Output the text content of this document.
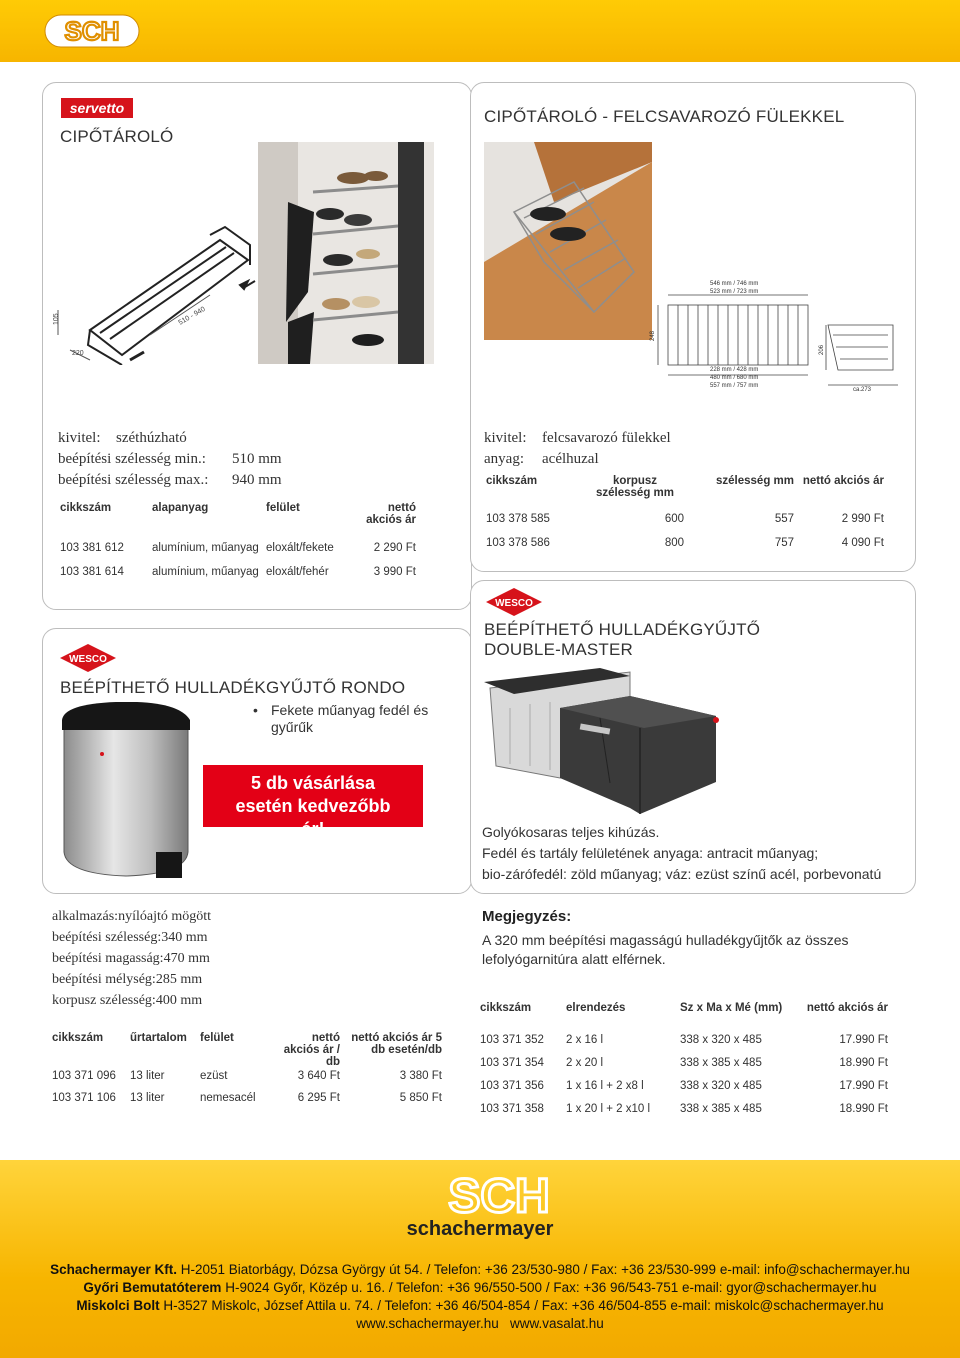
SCH
servetto
CIPŐTÁROLÓ
105
220
510 - 940
kivitel: széthúzható
beépítési szélesség min.: 510 mm
beépítési szélesség max.: 940 mm
cikkszám	alapanyag	felület	nettó akciós ár
103 381 612	alumínium, műanyag	eloxált/fekete	2 290 Ft
103 381 614	alumínium, műanyag	eloxált/fehér	3 990 Ft
CIPŐTÁROLÓ - FELCSAVAROZÓ FÜLEKKEL
546 mm / 746 mm
523 mm / 723 mm
228 mm / 428 mm
480 mm / 680 mm
557 mm / 757 mm
ca.273
248
206
kivitel: felcsavarozó fülekkel
anyag: acélhuzal
cikkszám	korpusz szélesség mm	szélesség mm	nettó akciós ár
103 378 585	600	557	2 990 Ft
103 378 586	800	757	4 090 Ft
WESCO
BEÉPÍTHETŐ HULLADÉKGYŰJTŐ RONDO
• Fekete műanyag fedél és gyűrűk
5 db vásárlása esetén kedvezőbb ár!
alkalmazás:nyílóajtó mögött
beépítési szélesség:340 mm
beépítési magasság:470 mm
beépítési mélység:285 mm
korpusz szélesség:400 mm
cikkszám	űrtartalom	felület	nettó akciós ár / db	nettó akciós ár 5 db esetén/db
103 371 096	13 liter	ezüst	3 640 Ft	3 380 Ft
103 371 106	13 liter	nemesacél	6 295 Ft	5 850 Ft
WESCO
BEÉPÍTHETŐ HULLADÉKGYŰJTŐ
DOUBLE-MASTER
Golyókosaras teljes kihúzás.
Fedél és tartály felületének anyaga: antracit műanyag;
bio-zárófedél: zöld műanyag; váz: ezüst színű acél, porbevonatú
Megjegyzés:
A 320 mm beépítési magasságú hulladékgyűjtők az összes lefolyógarnitúra alatt elférnek.
cikkszám	elrendezés	Sz x Ma x Mé (mm)	nettó akciós ár
103 371 352	2 x 16 l	338 x 320 x 485	17.990 Ft
103 371 354	2 x 20 l	338 x 385 x 485	18.990 Ft
103 371 356	1 x 16 l + 2 x8 l	338 x 320 x 485	17.990 Ft
103 371 358	1 x 20 l + 2 x10 l	338 x 385 x 485	18.990 Ft
SCH
schachermayer
Schachermayer Kft. H-2051 Biatorbágy, Dózsa György út 54. / Telefon: +36 23/530-980 / Fax: +36 23/530-999 e-mail: info@schachermayer.hu
Győri Bemutatóterem H-9024 Győr, Közép u. 16. / Telefon: +36 96/550-500 / Fax: +36 96/543-751 e-mail: gyor@schachermayer.hu
Miskolci Bolt H-3527 Miskolc, József Attila u. 74. / Telefon: +36 46/504-854 / Fax: +36 46/504-855 e-mail: miskolc@schachermayer.hu
www.schachermayer.hu   www.vasalat.hu
